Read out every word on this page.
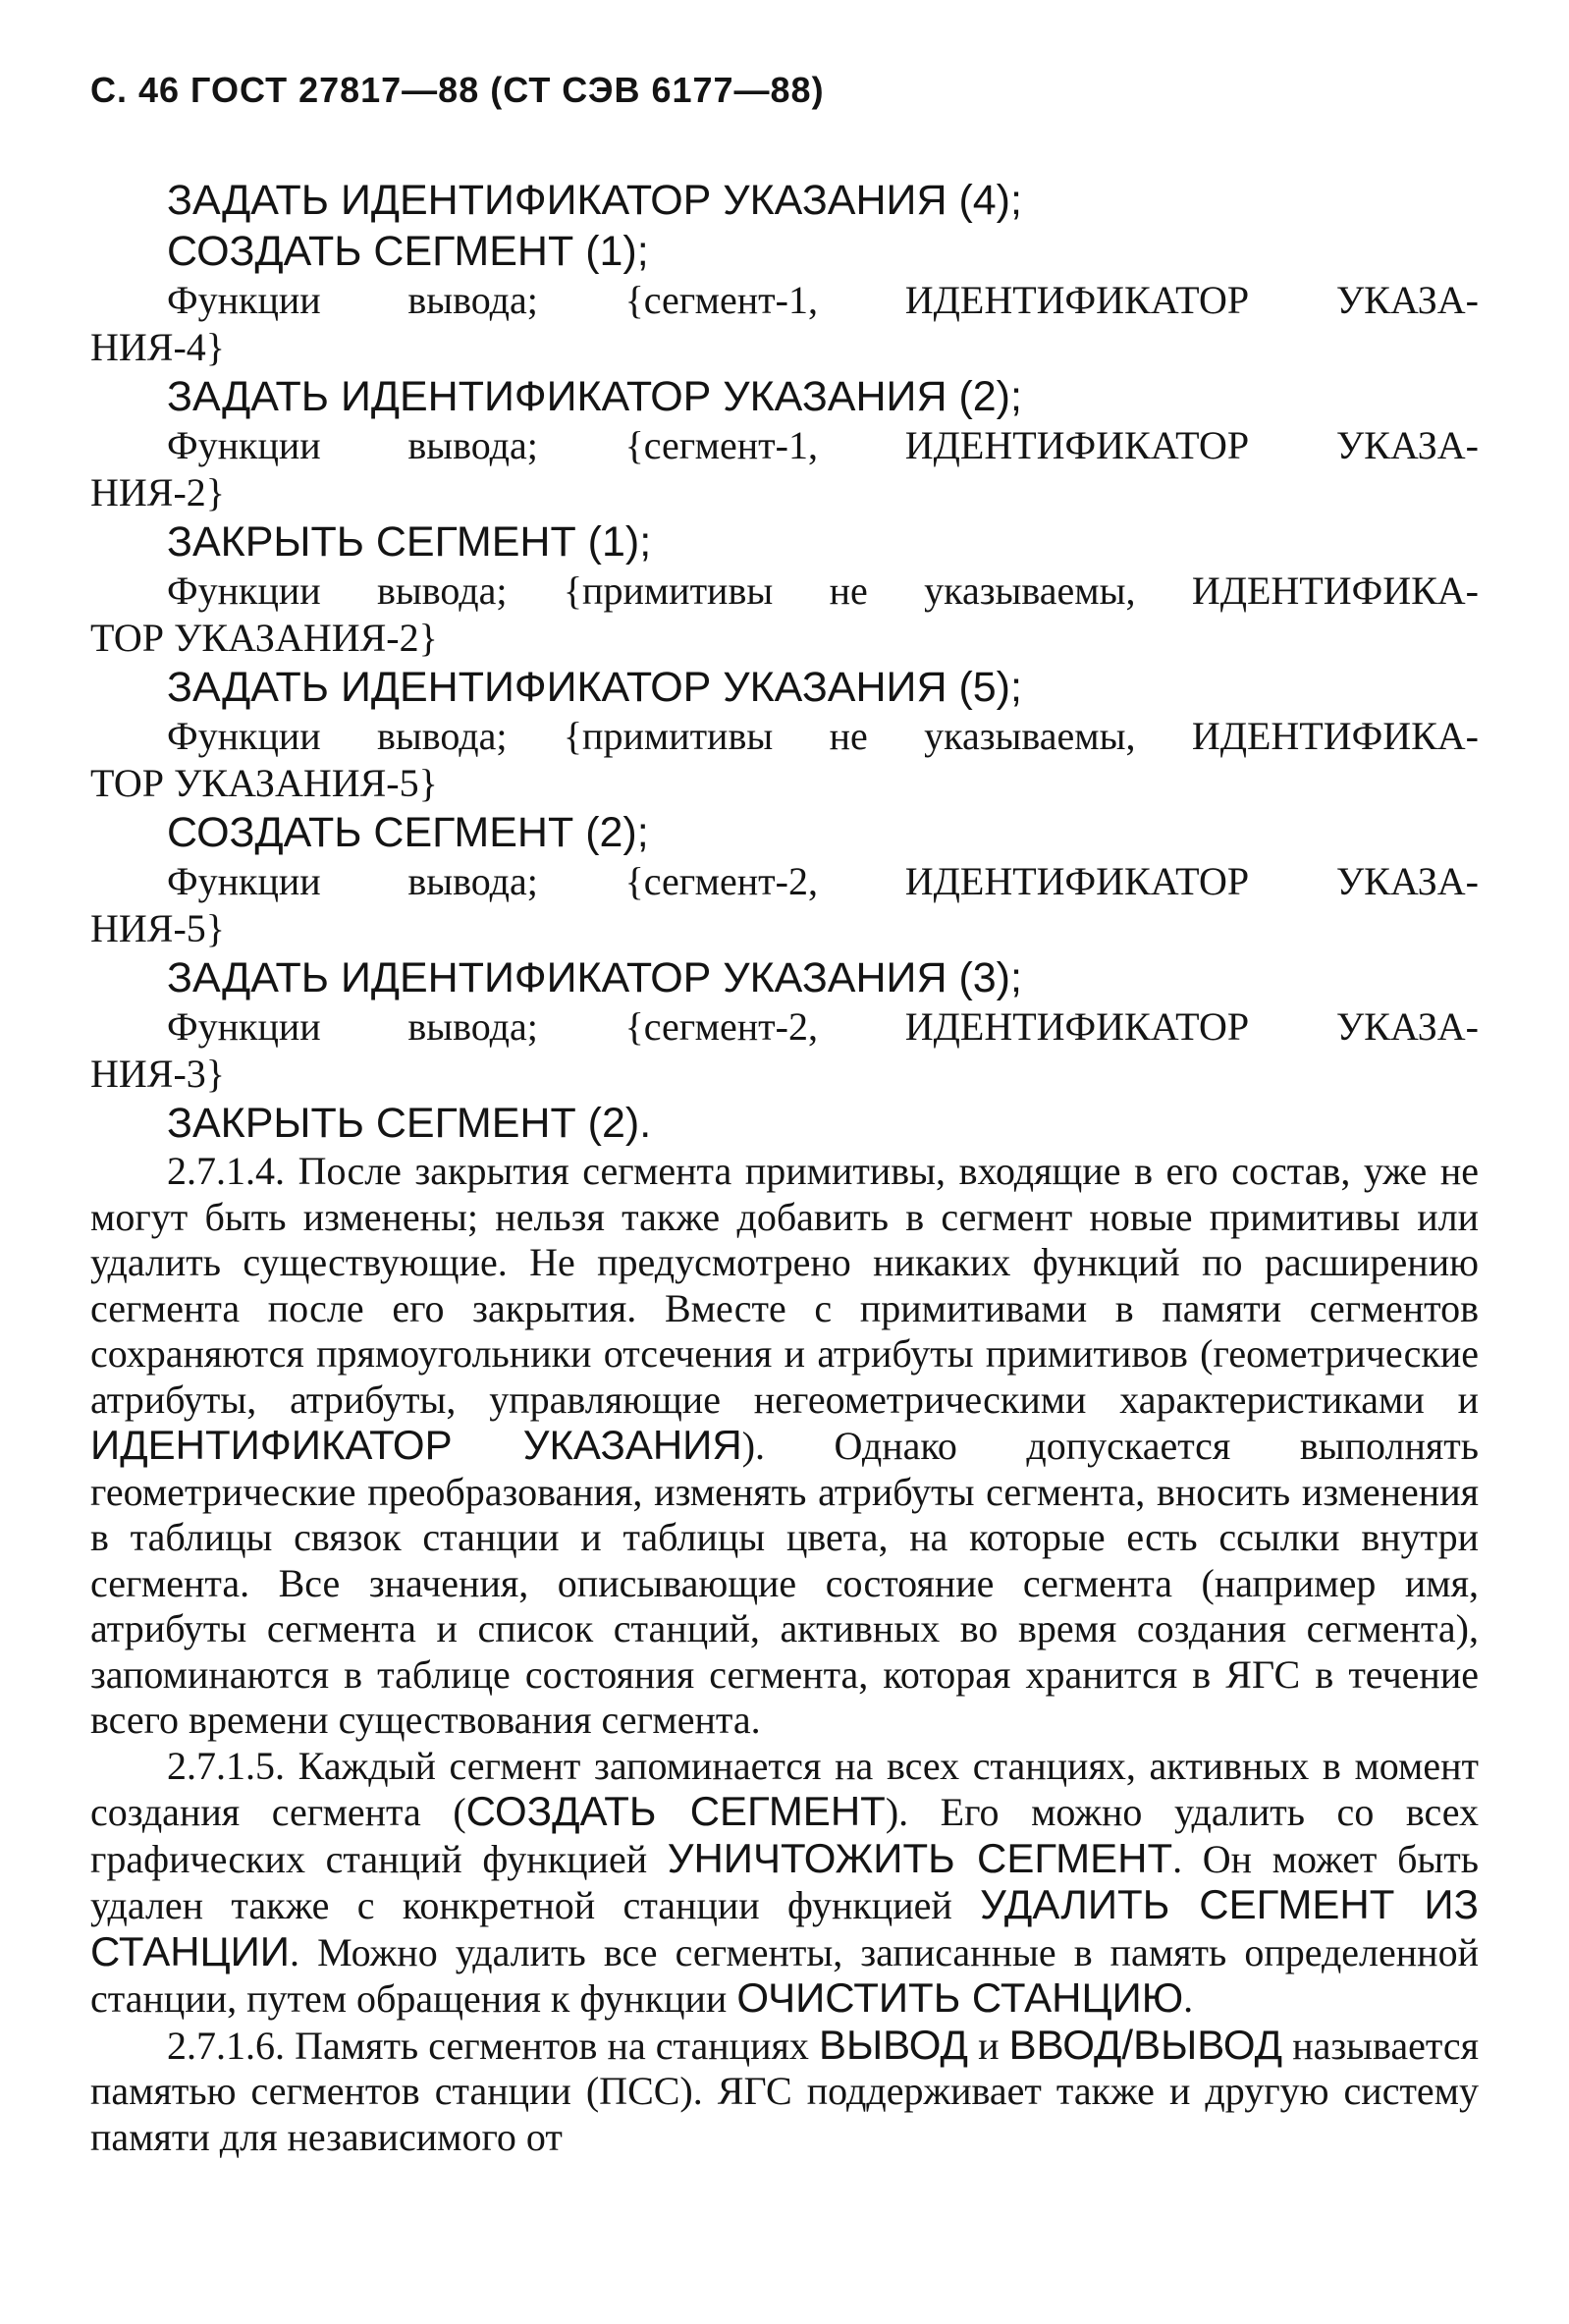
С. 46 ГОСТ 27817—88 (СТ СЭВ 6177—88)

ЗАДАТЬ ИДЕНТИФИКАТОР УКАЗАНИЯ (4);

СОЗДАТЬ СЕГМЕНТ (1);

Функции вывода; {сегмент-1, ИДЕНТИФИКАТОР УКАЗА-
НИЯ-4}

ЗАДАТЬ ИДЕНТИФИКАТОР УКАЗАНИЯ (2);

Функции вывода; {сегмент-1, ИДЕНТИФИКАТОР УКАЗА-
НИЯ-2}

ЗАКРЫТЬ СЕГМЕНТ (1);

Функции вывода; {примитивы не указываемы, ИДЕНТИФИКА-
ТОР УКАЗАНИЯ-2}

ЗАДАТЬ ИДЕНТИФИКАТОР УКАЗАНИЯ (5);

Функции вывода; {примитивы не указываемы, ИДЕНТИФИКА-
ТОР УКАЗАНИЯ-5}

СОЗДАТЬ СЕГМЕНТ (2);

Функции вывода; {сегмент-2, ИДЕНТИФИКАТОР УКАЗА-
НИЯ-5}

ЗАДАТЬ ИДЕНТИФИКАТОР УКАЗАНИЯ (3);

Функции вывода; {сегмент-2, ИДЕНТИФИКАТОР УКАЗА-
НИЯ-3}

ЗАКРЫТЬ СЕГМЕНТ (2).

2.7.1.4. После закрытия сегмента примитивы, входящие в его состав, уже не могут быть изменены; нельзя также добавить в сегмент новые примитивы или удалить существующие. Не предусмотрено никаких функций по расширению сегмента после его закрытия. Вместе с примитивами в памяти сегментов сохраняются прямоугольники отсечения и атрибуты примитивов (геометрические атрибуты, атрибуты, управляющие негеометрическими характеристиками и ИДЕНТИФИКАТОР УКАЗАНИЯ). Однако допускается выполнять геометрические преобразования, изменять атрибуты сегмента, вносить изменения в таблицы связок станции и таблицы цвета, на которые есть ссылки внутри сегмента. Все значения, описывающие состояние сегмента (например имя, атрибуты сегмента и список станций, активных во время создания сегмента), запоминаются в таблице состояния сегмента, которая хранится в ЯГС в течение всего времени существования сегмента.

2.7.1.5. Каждый сегмент запоминается на всех станциях, активных в момент создания сегмента (СОЗДАТЬ СЕГМЕНТ). Его можно удалить со всех графических станций функцией УНИЧТОЖИТЬ СЕГМЕНТ. Он может быть удален также с конкретной станции функцией УДАЛИТЬ СЕГМЕНТ ИЗ СТАНЦИИ. Можно удалить все сегменты, записанные в память определенной станции, путем обращения к функции ОЧИСТИТЬ СТАНЦИЮ.

2.7.1.6. Память сегментов на станциях ВЫВОД и ВВОД/ВЫВОД называется памятью сегментов станции (ПСС). ЯГС поддерживает также и другую систему памяти для независимого от
